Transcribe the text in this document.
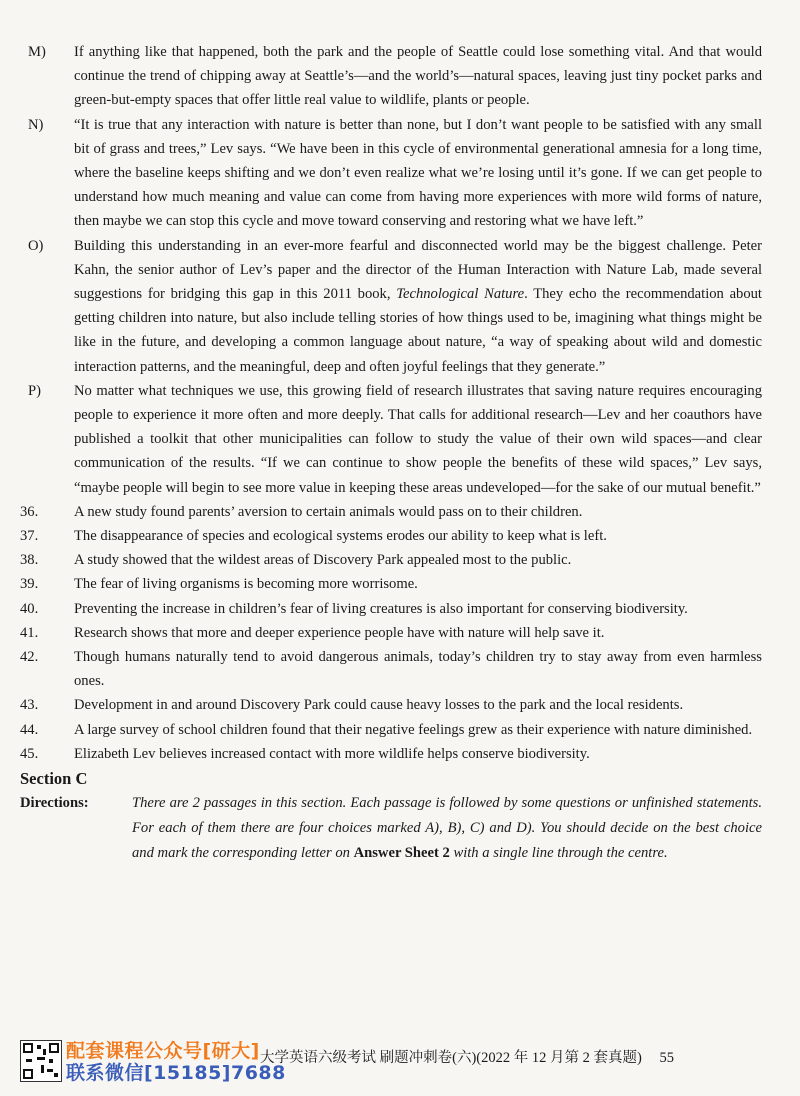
M) If anything like that happened, both the park and the people of Seattle could lose something vital. And that would continue the trend of chipping away at Seattle’s—and the world’s—natural spaces, leaving just tiny pocket parks and green-but-empty spaces that offer little real value to wildlife, plants or people.
N) “It is true that any interaction with nature is better than none, but I don’t want people to be satisfied with any small bit of grass and trees,” Lev says. “We have been in this cycle of environmental generational amnesia for a long time, where the baseline keeps shifting and we don’t even realize what we’re losing until it’s gone. If we can get people to understand how much meaning and value can come from having more experiences with more wild forms of nature, then maybe we can stop this cycle and move toward conserving and restoring what we have left.”
O) Building this understanding in an ever-more fearful and disconnected world may be the biggest challenge. Peter Kahn, the senior author of Lev’s paper and the director of the Human Interaction with Nature Lab, made several suggestions for bridging this gap in this 2011 book, Technological Nature. They echo the recommendation about getting children into nature, but also include telling stories of how things used to be, imagining what things might be like in the future, and developing a common language about nature, “a way of speaking about wild and domestic interaction patterns, and the meaningful, deep and often joyful feelings that they generate.”
P) No matter what techniques we use, this growing field of research illustrates that saving nature requires encouraging people to experience it more often and more deeply. That calls for additional research—Lev and her coauthors have published a toolkit that other municipalities can follow to study the value of their own wild spaces—and clear communication of the results. “If we can continue to show people the benefits of these wild spaces,” Lev says, “maybe people will begin to see more value in keeping these areas undeveloped—for the sake of our mutual benefit.”
36. A new study found parents’ aversion to certain animals would pass on to their children.
37. The disappearance of species and ecological systems erodes our ability to keep what is left.
38. A study showed that the wildest areas of Discovery Park appealed most to the public.
39. The fear of living organisms is becoming more worrisome.
40. Preventing the increase in children’s fear of living creatures is also important for conserving biodiversity.
41. Research shows that more and deeper experience people have with nature will help save it.
42. Though humans naturally tend to avoid dangerous animals, today’s children try to stay away from even harmless ones.
43. Development in and around Discovery Park could cause heavy losses to the park and the local residents.
44. A large survey of school children found that their negative feelings grew as their experience with nature diminished.
45. Elizabeth Lev believes increased contact with more wildlife helps conserve biodiversity.
Section C
Directions:	There are 2 passages in this section. Each passage is followed by some questions or unfinished statements. For each of them there are four choices marked A), B), C) and D). You should decide on the best choice and mark the corresponding letter on Answer Sheet 2 with a single line through the centre.
配套课程公众号[研大]
联系微信[15185]7688
大学英语六级考试 刷题冲刺卷(六)(2022 年 12 月第 2 套真题) 55
